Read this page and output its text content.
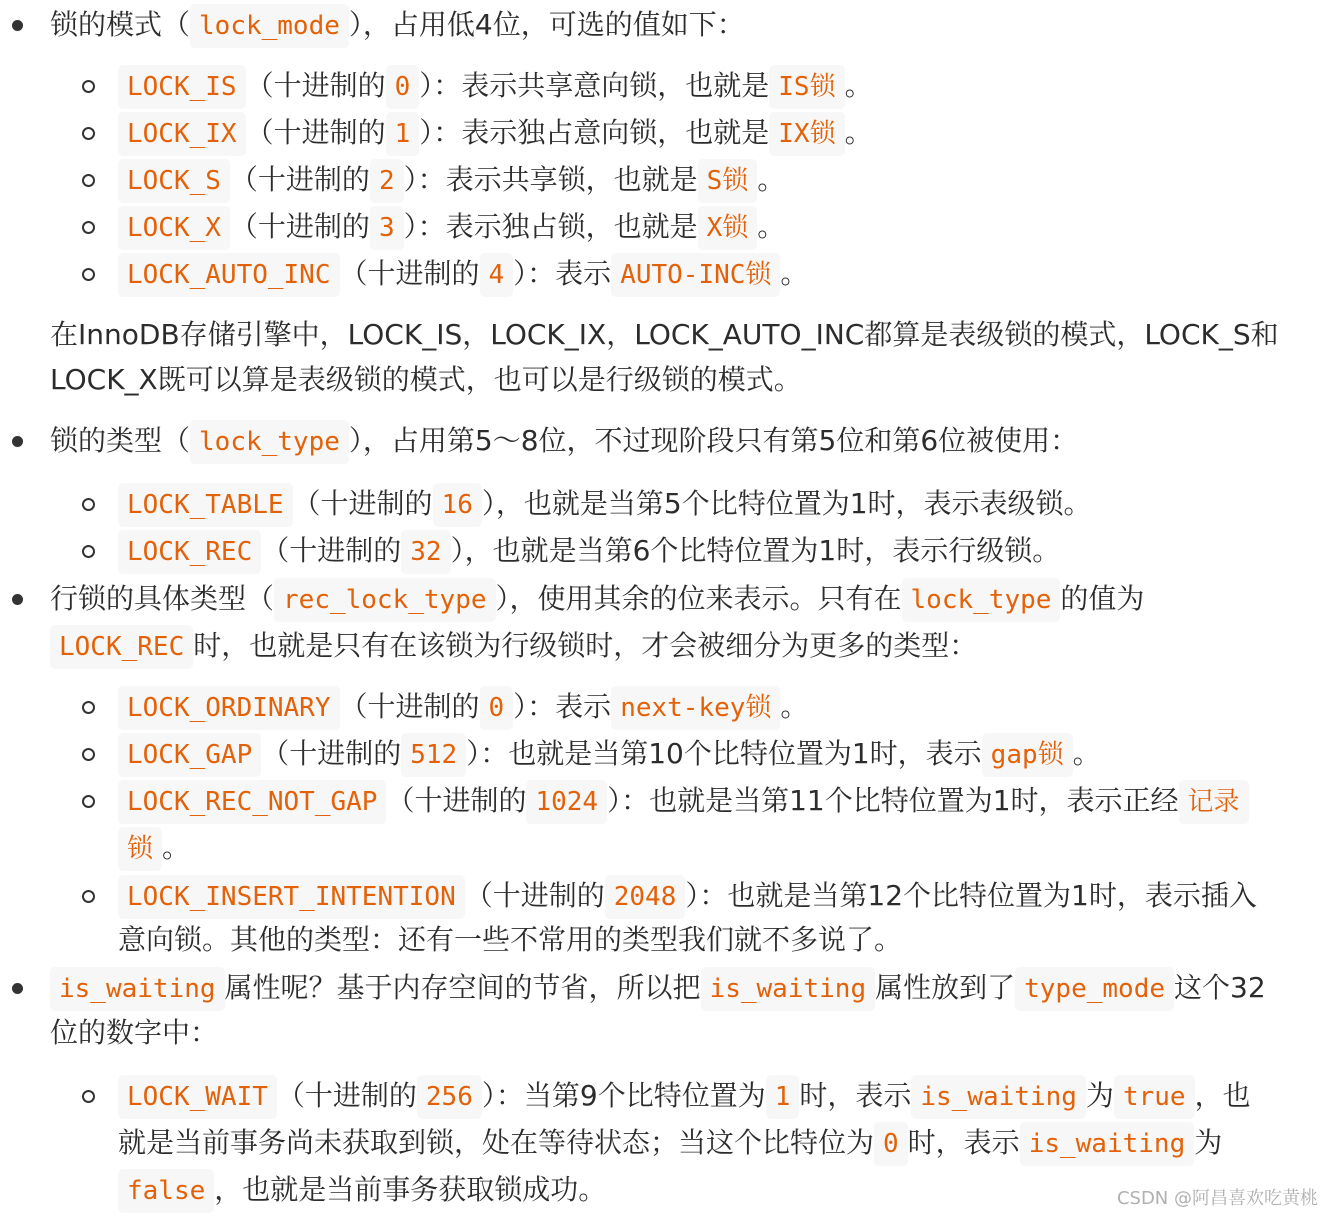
锁的模式（ lock_mode ），占用低4位，可选的值如下：
LOCK_IS （十进制的 0 ）：表示共享意向锁，也就是 IS锁 。
LOCK_IX （十进制的 1 ）：表示独占意向锁，也就是 IX锁 。
LOCK_S （十进制的 2 ）：表示共享锁，也就是 S锁 。
LOCK_X （十进制的 3 ）：表示独占锁，也就是 X锁 。
LOCK_AUTO_INC （十进制的 4 ）：表示 AUTO-INC锁 。
在InnoDB存储引擎中，LOCK_IS，LOCK_IX，LOCK_AUTO_INC都算是表级锁的模式，LOCK_S和
LOCK_X既可以算是表级锁的模式，也可以是行级锁的模式。
锁的类型（ lock_type ），占用第5～8位，不过现阶段只有第5位和第6位被使用：
LOCK_TABLE （十进制的 16 ），也就是当第5个比特位置为1时，表示表级锁。
LOCK_REC （十进制的 32 ），也就是当第6个比特位置为1时，表示行级锁。
行锁的具体类型（ rec_lock_type ），使用其余的位来表示。只有在 lock_type 的值为
LOCK_REC 时，也就是只有在该锁为行级锁时，才会被细分为更多的类型：
LOCK_ORDINARY （十进制的 0 ）：表示 next-key锁 。
LOCK_GAP （十进制的 512 ）：也就是当第10个比特位置为1时，表示 gap锁 。
LOCK_REC_NOT_GAP （十进制的 1024 ）：也就是当第11个比特位置为1时，表示正经 记录
锁 。
LOCK_INSERT_INTENTION （十进制的 2048 ）：也就是当第12个比特位置为1时，表示插入
意向锁。其他的类型：还有一些不常用的类型我们就不多说了。
is_waiting 属性呢？基于内存空间的节省，所以把 is_waiting 属性放到了 type_mode 这个32
位的数字中：
LOCK_WAIT （十进制的 256 ）：当第9个比特位置为 1 时，表示 is_waiting 为 true ，也
就是当前事务尚未获取到锁，处在等待状态；当这个比特位为 0 时，表示 is_waiting 为
false ，也就是当前事务获取锁成功。	CSDN @阿昌喜欢吃黄桃
